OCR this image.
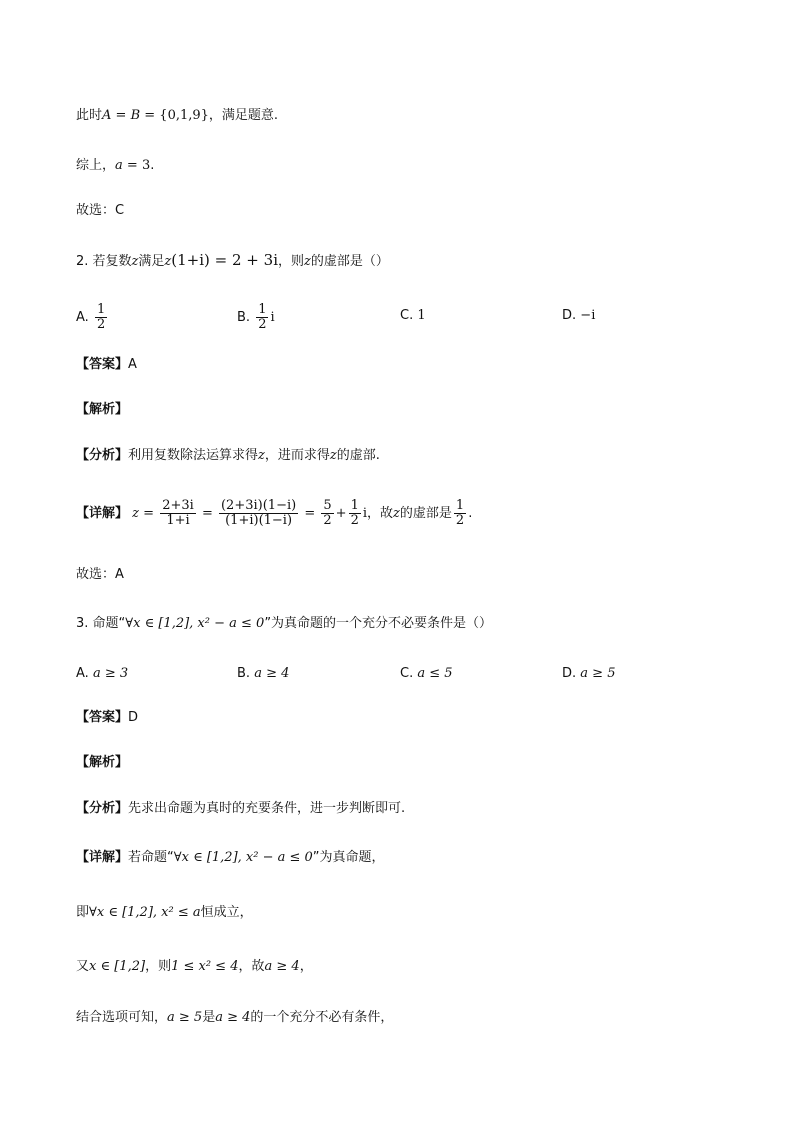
此时A = B = {0,1,9}，满足题意.
综上，a = 3.
故选：C
2. 若复数z满足z(1+i) = 2 + 3i，则z的虚部是（）
A. $\frac{1}{2}$	B. $\frac{1}{2}$ i	C. 1	D. −i
【答案】A
【解析】
【分析】利用复数除法运算求得z，进而求得z的虚部.
【详解】 $z = \frac{2+3i}{1+i} = \frac{(2+3i)(1-i)}{(1+i)(1-i)} = \frac{5}{2} + \frac{1}{2}$ i，故z的虚部是 $\frac{1}{2}$ .
故选：A
3. 命题“∀x ∈ [1,2], x² − a ≤ 0”为真命题的一个充分不必要条件是（）
A. a ≥ 3	B. a ≥ 4	C. a ≤ 5	D. a ≥ 5
【答案】D
【解析】
【分析】先求出命题为真时的充要条件，进一步判断即可.
【详解】若命题“∀x ∈ [1,2], x² − a ≤ 0”为真命题，
即∀x ∈ [1,2], x² ≤ a恒成立，
又x ∈ [1,2]，则1 ≤ x² ≤ 4，故a ≥ 4，
结合选项可知，a ≥ 5是a ≥ 4的一个充分不必有条件，
